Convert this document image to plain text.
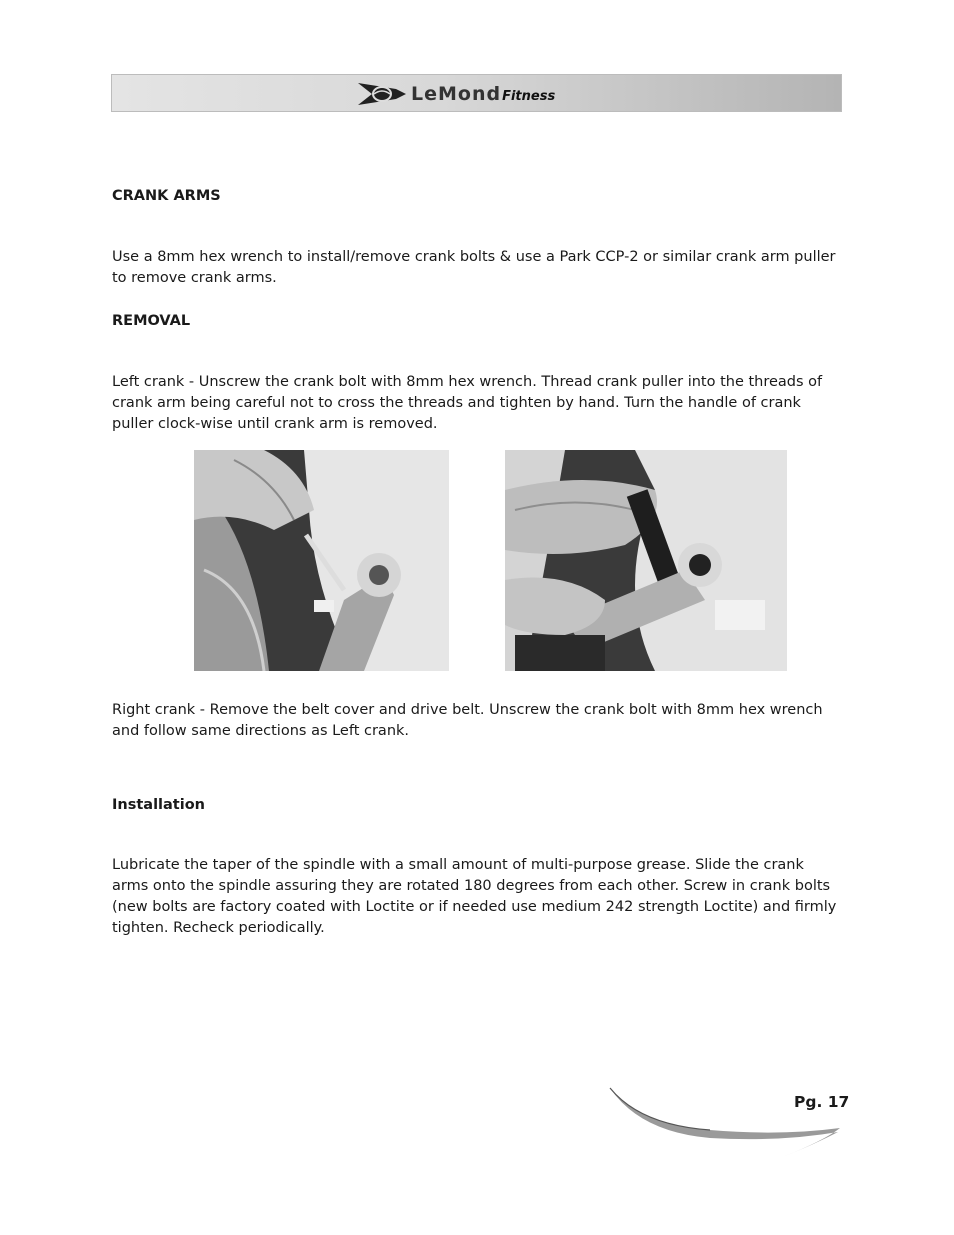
LeMond Fitness
CRANK ARMS
Use a 8mm hex wrench to install/remove crank bolts & use a Park CCP-2 or similar crank arm puller to remove crank arms.
REMOVAL
Left crank - Unscrew the crank bolt with 8mm hex wrench. Thread crank puller into the threads of crank arm being careful not to cross the threads and tighten by hand. Turn the handle of crank puller clock-wise until crank arm is removed.
Right crank - Remove the belt cover and drive belt. Unscrew the crank bolt with 8mm hex wrench and follow same directions as Left crank.
Installation
Lubricate the taper of the spindle with a small amount of multi-purpose grease. Slide the crank arms onto the spindle assuring they are rotated 180 degrees from each other. Screw in crank bolts (new bolts are factory coated with Loctite or if needed use medium 242 strength Loctite) and firmly tighten. Recheck periodically.
Pg. 17
